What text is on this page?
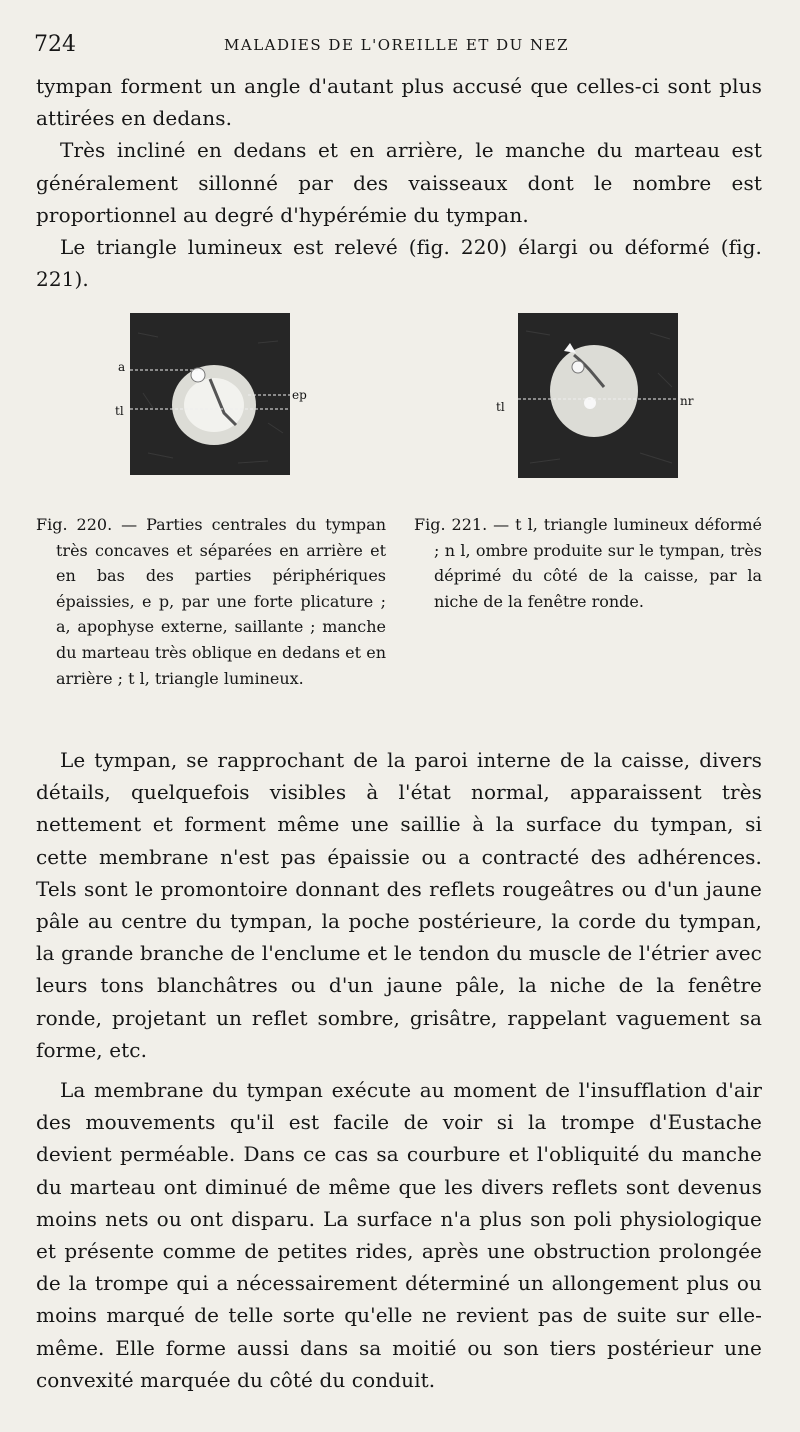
724	MALADIES DE L'OREILLE ET DU NEZ

tympan forment un angle d'autant plus accusé que celles-ci sont plus attirées en dedans.

Très incliné en dedans et en arrière, le manche du marteau est généralement sillonné par des vaisseaux dont le nombre est proportionnel au degré d'hypérémie du tympan.

Le triangle lumineux est relevé (fig. 220) élargi ou déformé (fig. 221).

a
tl
ep
tl	nr

Fig. 220. — Parties centrales du tympan très concaves et séparées en arrière et en bas des parties périphériques épaissies, e p, par une forte plicature ; a, apophyse externe, saillante ; manche du marteau très oblique en dedans et en arrière ; t l, triangle lumineux.

Fig. 221. — t l, triangle lumineux déformé ; n l, ombre produite sur le tympan, très déprimé du côté de la caisse, par la niche de la fenêtre ronde.

Le tympan, se rapprochant de la paroi interne de la caisse, divers détails, quelquefois visibles à l'état normal, apparaissent très nettement et forment même une saillie à la surface du tympan, si cette membrane n'est pas épaissie ou a contracté des adhérences. Tels sont le promontoire donnant des reflets rougeâtres ou d'un jaune pâle au centre du tympan, la poche postérieure, la corde du tympan, la grande branche de l'enclume et le tendon du muscle de l'étrier avec leurs tons blanchâtres ou d'un jaune pâle, la niche de la fenêtre ronde, projetant un reflet sombre, grisâtre, rappelant vaguement sa forme, etc.

La membrane du tympan exécute au moment de l'insufflation d'air des mouvements qu'il est facile de voir si la trompe d'Eustache devient perméable. Dans ce cas sa courbure et l'obliquité du manche du marteau ont diminué de même que les divers reflets sont devenus moins nets ou ont disparu. La surface n'a plus son poli physiologique et présente comme de petites rides, après une obstruction prolongée de la trompe qui a nécessairement déterminé un allongement plus ou moins marqué de telle sorte qu'elle ne revient pas de suite sur elle-même. Elle forme aussi dans sa moitié ou son tiers postérieur une convexité marquée du côté du conduit.
